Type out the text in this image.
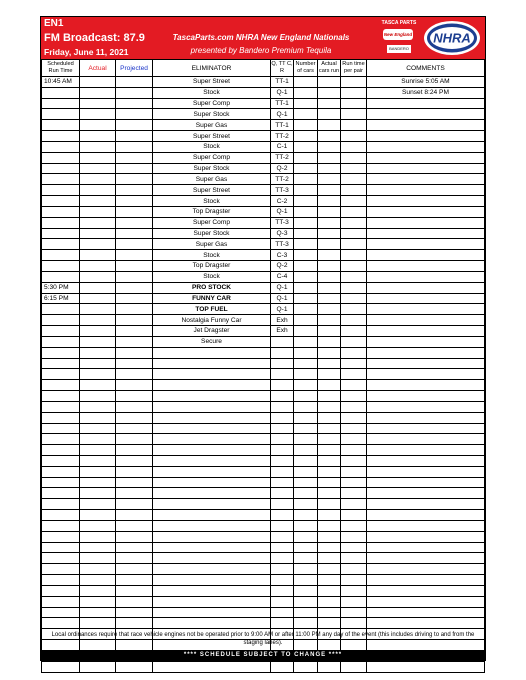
EN1
FM Broadcast: 87.9
Friday, June 11, 2021
TascaParts.com NHRA New England Nationals
presented by Bandero Premium Tequila
TASCA PARTS
New England
BANDERO
NHRA
Scheduled Run Time	Actual	Projected	ELIMINATOR	Q, TT C, R	Number of cars	Actual cars run	Run time per pair	COMMENTS
10:45 AM			Super Street	TT-1				Sunrise 5:05 AM
			Stock	Q-1				Sunset 8:24 PM
			Super Comp	TT-1				
			Super Stock	Q-1				
			Super Gas	TT-1				
			Super Street	TT-2				
			Stock	C-1				
			Super Comp	TT-2				
			Super Stock	Q-2				
			Super Gas	TT-2				
			Super Street	TT-3				
			Stock	C-2				
			Top Dragster	Q-1				
			Super Comp	TT-3				
			Super Stock	Q-3				
			Super Gas	TT-3				
			Stock	C-3				
			Top Dragster	Q-2				
			Stock	C-4				
5:30 PM			PRO STOCK	Q-1				
6:15 PM			FUNNY CAR	Q-1				
			TOP FUEL	Q-1				
			Nostalgia Funny Car	Exh				
			Jet Dragster	Exh				
			Secure					

Local ordinances require that race vehicle engines not be operated prior to 9:00 AM or after 11:00 PM any day of the event (this includes driving to and from the staging lanes).
**** SCHEDULE SUBJECT TO CHANGE ****
